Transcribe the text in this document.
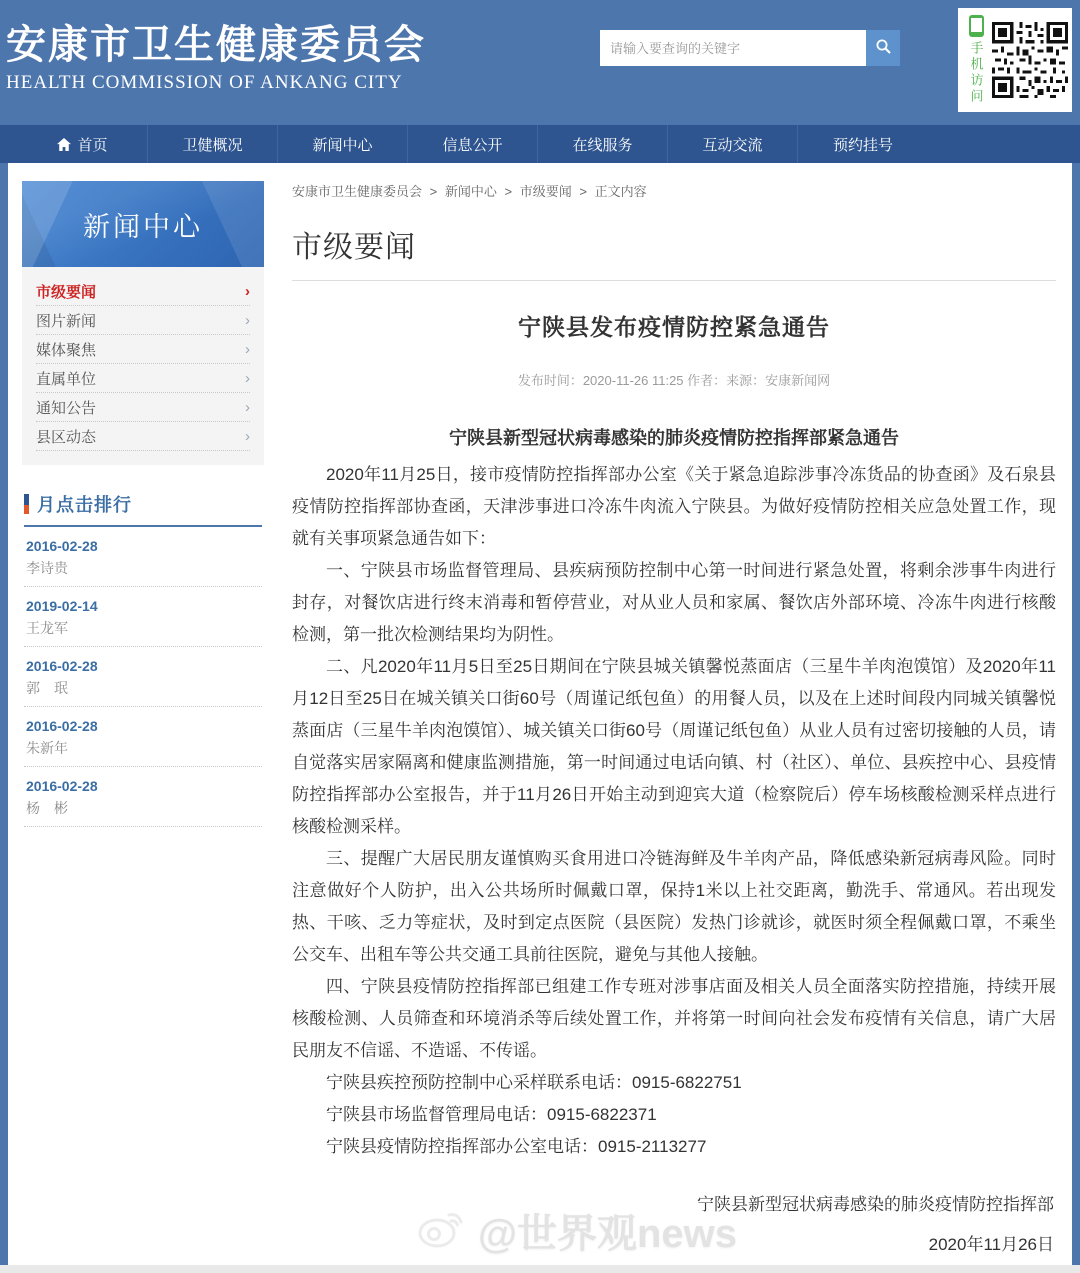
安康市卫生健康委员会
HEALTH COMMISSION OF ANKANG CITY
请输入要查询的关键字	手机访问
首页	卫健概况	新闻中心	信息公开	在线服务	互动交流	预约挂号
新闻中心
市级要闻	›
图片新闻	›
媒体聚焦	›
直属单位	›
通知公告	›
县区动态	›
月点击排行
2016-02-28
李诗贵
2019-02-14
王龙军
2016-02-28
郭　珉
2016-02-28
朱新年
2016-02-28
杨　彬
安康市卫生健康委员会 > 新闻中心 > 市级要闻 > 正文内容
市级要闻
宁陕县发布疫情防控紧急通告
发布时间：2020-11-26 11:25 作者：来源：安康新闻网

宁陕县新型冠状病毒感染的肺炎疫情防控指挥部紧急通告

2020年11月25日，接市疫情防控指挥部办公室《关于紧急追踪涉事冷冻货品的协查函》及石泉县疫情防控指挥部协查函，天津涉事进口冷冻牛肉流入宁陕县。为做好疫情防控相关应急处置工作，现就有关事项紧急通告如下：

一、宁陕县市场监督管理局、县疾病预防控制中心第一时间进行紧急处置，将剩余涉事牛肉进行封存，对餐饮店进行终末消毒和暂停营业，对从业人员和家属、餐饮店外部环境、冷冻牛肉进行核酸检测，第一批次检测结果均为阴性。

二、凡2020年11月5日至25日期间在宁陕县城关镇馨悦蒸面店（三星牛羊肉泡馍馆）及2020年11月12日至25日在城关镇关口街60号（周谨记纸包鱼）的用餐人员，以及在上述时间段内同城关镇馨悦蒸面店（三星牛羊肉泡馍馆）、城关镇关口街60号（周谨记纸包鱼）从业人员有过密切接触的人员，请自觉落实居家隔离和健康监测措施，第一时间通过电话向镇、村（社区）、单位、县疾控中心、县疫情防控指挥部办公室报告，并于11月26日开始主动到迎宾大道（检察院后）停车场核酸检测采样点进行核酸检测采样。

三、提醒广大居民朋友谨慎购买食用进口冷链海鲜及牛羊肉产品，降低感染新冠病毒风险。同时注意做好个人防护，出入公共场所时佩戴口罩，保持1米以上社交距离，勤洗手、常通风。若出现发热、干咳、乏力等症状，及时到定点医院（县医院）发热门诊就诊，就医时须全程佩戴口罩，不乘坐公交车、出租车等公共交通工具前往医院，避免与其他人接触。

四、宁陕县疫情防控指挥部已组建工作专班对涉事店面及相关人员全面落实防控措施，持续开展核酸检测、人员筛查和环境消杀等后续处置工作，并将第一时间向社会发布疫情有关信息，请广大居民朋友不信谣、不造谣、不传谣。

宁陕县疾控预防控制中心采样联系电话：0915-6822751

宁陕县市场监督管理局电话：0915-6822371

宁陕县疫情防控指挥部办公室电话：0915-2113277

宁陕县新型冠状病毒感染的肺炎疫情防控指挥部
2020年11月26日
@世界观news
